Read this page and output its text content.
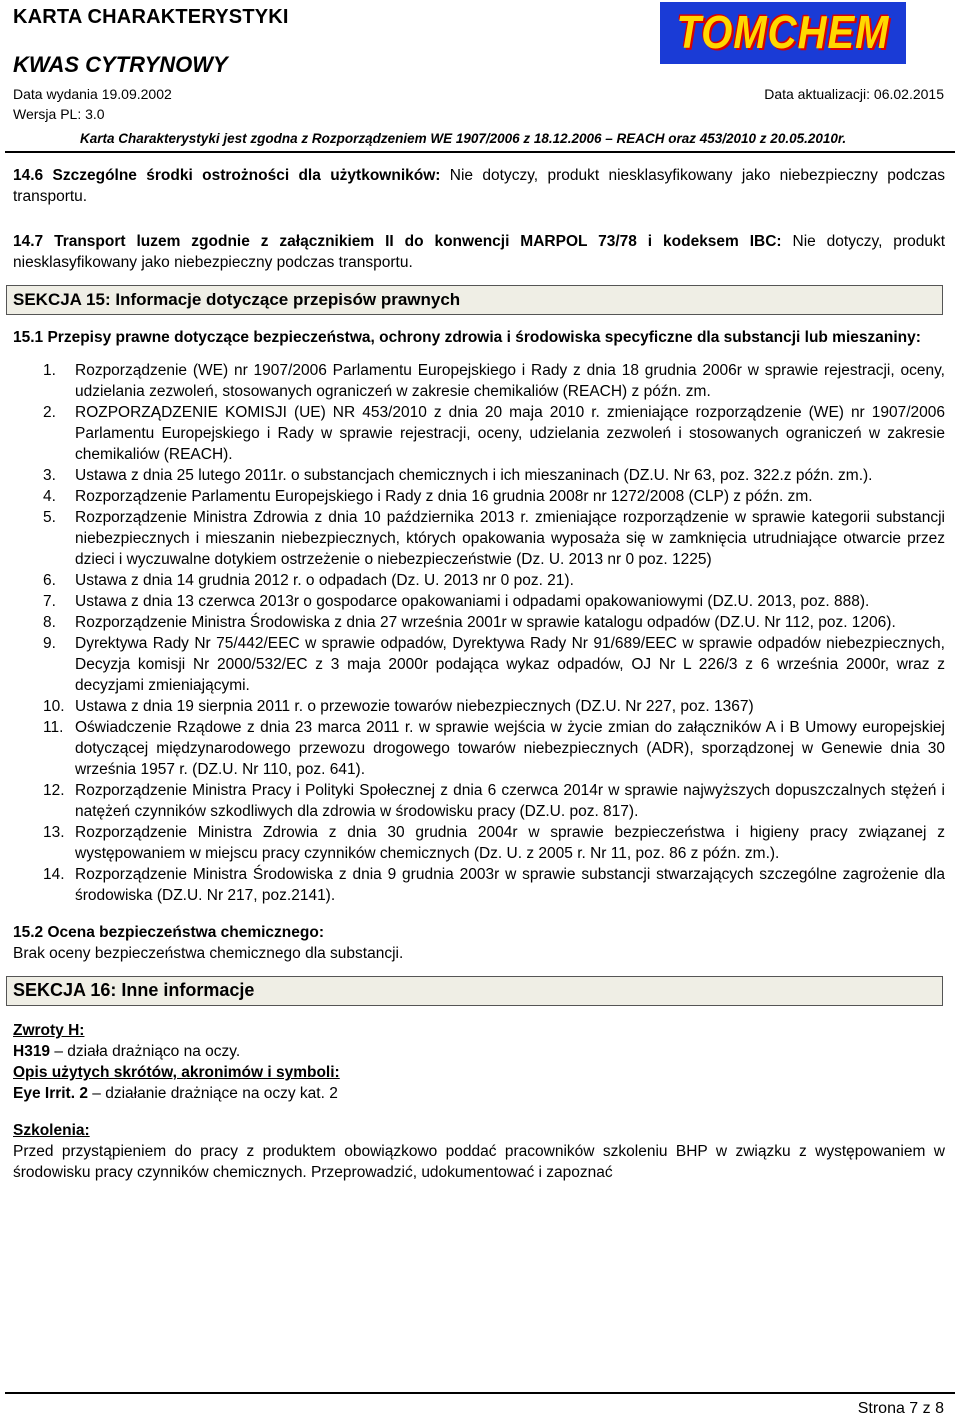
KARTA CHARAKTERYSTYKI
KWAS CYTRYNOWY
Data wydania 19.09.2002
Wersja PL: 3.0
Data aktualizacji: 06.02.2015
TOMCHEM
Karta Charakterystyki jest zgodna z Rozporządzeniem WE 1907/2006 z 18.12.2006 – REACH oraz 453/2010 z 20.05.2010r.

14.6 Szczególne środki ostrożności dla użytkowników: Nie dotyczy, produkt niesklasyfikowany jako niebezpieczny podczas transportu.

14.7 Transport luzem zgodnie z załącznikiem II do konwencji MARPOL 73/78 i kodeksem IBC: Nie dotyczy, produkt niesklasyfikowany jako niebezpieczny podczas transportu.

SEKCJA 15: Informacje dotyczące przepisów prawnych

15.1 Przepisy prawne dotyczące bezpieczeństwa, ochrony zdrowia i środowiska specyficzne dla substancji lub mieszaniny:

1.	Rozporządzenie (WE) nr 1907/2006 Parlamentu Europejskiego i Rady z dnia 18 grudnia 2006r w sprawie rejestracji, oceny, udzielania zezwoleń, stosowanych ograniczeń w zakresie chemikaliów (REACH) z późn. zm.
2.	ROZPORZĄDZENIE KOMISJI (UE) NR 453/2010 z dnia 20 maja 2010 r. zmieniające rozporządzenie (WE) nr 1907/2006 Parlamentu Europejskiego i Rady w sprawie rejestracji, oceny, udzielania zezwoleń i stosowanych ograniczeń w zakresie chemikaliów (REACH).
3.	Ustawa z dnia 25 lutego 2011r. o substancjach chemicznych i ich mieszaninach (DZ.U. Nr 63, poz. 322.z późn. zm.).
4.	Rozporządzenie Parlamentu Europejskiego i Rady z dnia 16 grudnia 2008r nr 1272/2008 (CLP) z późn. zm.
5.	Rozporządzenie Ministra Zdrowia z dnia 10 października 2013 r. zmieniające rozporządzenie w sprawie kategorii substancji niebezpiecznych i mieszanin niebezpiecznych, których opakowania wyposaża się w zamknięcia utrudniające otwarcie przez dzieci i wyczuwalne dotykiem ostrzeżenie o niebezpieczeństwie (Dz. U. 2013 nr 0 poz. 1225)
6.	Ustawa z dnia 14 grudnia 2012 r. o odpadach (Dz. U. 2013 nr 0 poz. 21).
7.	Ustawa z dnia 13 czerwca 2013r o gospodarce opakowaniami i odpadami opakowaniowymi (DZ.U. 2013, poz. 888).
8.	Rozporządzenie Ministra Środowiska z dnia 27 września 2001r w sprawie katalogu odpadów (DZ.U. Nr 112, poz. 1206).
9.	Dyrektywa Rady Nr 75/442/EEC w sprawie odpadów, Dyrektywa Rady Nr 91/689/EEC w sprawie odpadów niebezpiecznych, Decyzja komisji Nr 2000/532/EC z 3 maja 2000r podająca wykaz odpadów, OJ Nr L 226/3 z 6 września 2000r, wraz z decyzjami zmieniającymi.
10. Ustawa z dnia 19 sierpnia 2011 r. o przewozie towarów niebezpiecznych (DZ.U. Nr 227, poz. 1367)
11. Oświadczenie Rządowe z dnia 23 marca 2011 r. w sprawie wejścia w życie zmian do załączników A i B Umowy europejskiej dotyczącej międzynarodowego przewozu drogowego towarów niebezpiecznych (ADR), sporządzonej w Genewie dnia 30 września 1957 r. (DZ.U. Nr 110, poz. 641).
12. Rozporządzenie Ministra Pracy i Polityki Społecznej z dnia 6 czerwca 2014r w sprawie najwyższych dopuszczalnych stężeń i natężeń czynników szkodliwych dla zdrowia w środowisku pracy (DZ.U. poz. 817).
13. Rozporządzenie Ministra Zdrowia z dnia 30 grudnia 2004r w sprawie bezpieczeństwa i higieny pracy związanej z występowaniem w miejscu pracy czynników chemicznych (Dz. U. z 2005 r. Nr 11, poz. 86 z późn. zm.).
14. Rozporządzenie Ministra Środowiska z dnia 9 grudnia 2003r w sprawie substancji stwarzających szczególne zagrożenie dla środowiska (DZ.U. Nr 217, poz.2141).

15.2 Ocena bezpieczeństwa chemicznego:

Brak oceny bezpieczeństwa chemicznego dla substancji.

SEKCJA 16: Inne informacje

Zwroty H:

H319 – działa drażniąco na oczy.

Opis użytych skrótów, akronimów i symboli:

Eye Irrit. 2 – działanie drażniące na oczy kat. 2

Szkolenia:

Przed przystąpieniem do pracy z produktem obowiązkowo poddać pracowników szkoleniu BHP w związku z występowaniem w środowisku pracy czynników chemicznych. Przeprowadzić, udokumentować i zapoznać

Strona 7 z 8
